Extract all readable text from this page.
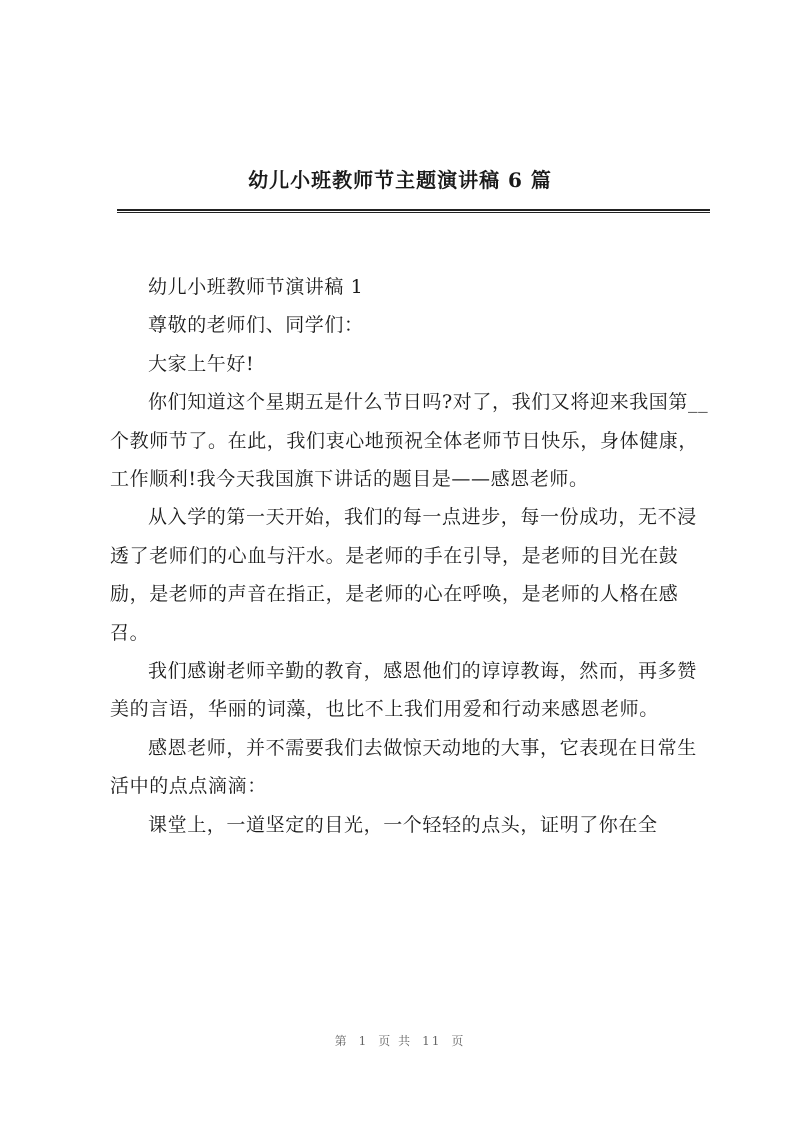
幼儿小班教师节主题演讲稿 6 篇

幼儿小班教师节演讲稿 1

尊敬的老师们、同学们：

大家上午好!

你们知道这个星期五是什么节日吗?对了，我们又将迎来我国第__个教师节了。在此，我们衷心地预祝全体老师节日快乐，身体健康，工作顺利!我今天我国旗下讲话的题目是——感恩老师。

从入学的第一天开始，我们的每一点进步，每一份成功，无不浸透了老师们的心血与汗水。是老师的手在引导，是老师的目光在鼓励，是老师的声音在指正，是老师的心在呼唤，是老师的人格在感召。

我们感谢老师辛勤的教育，感恩他们的谆谆教诲，然而，再多赞美的言语，华丽的词藻，也比不上我们用爱和行动来感恩老师。

感恩老师，并不需要我们去做惊天动地的大事，它表现在日常生活中的点点滴滴：

课堂上，一道坚定的目光，一个轻轻的点头，证明了你在全

第 1 页 共 11 页
